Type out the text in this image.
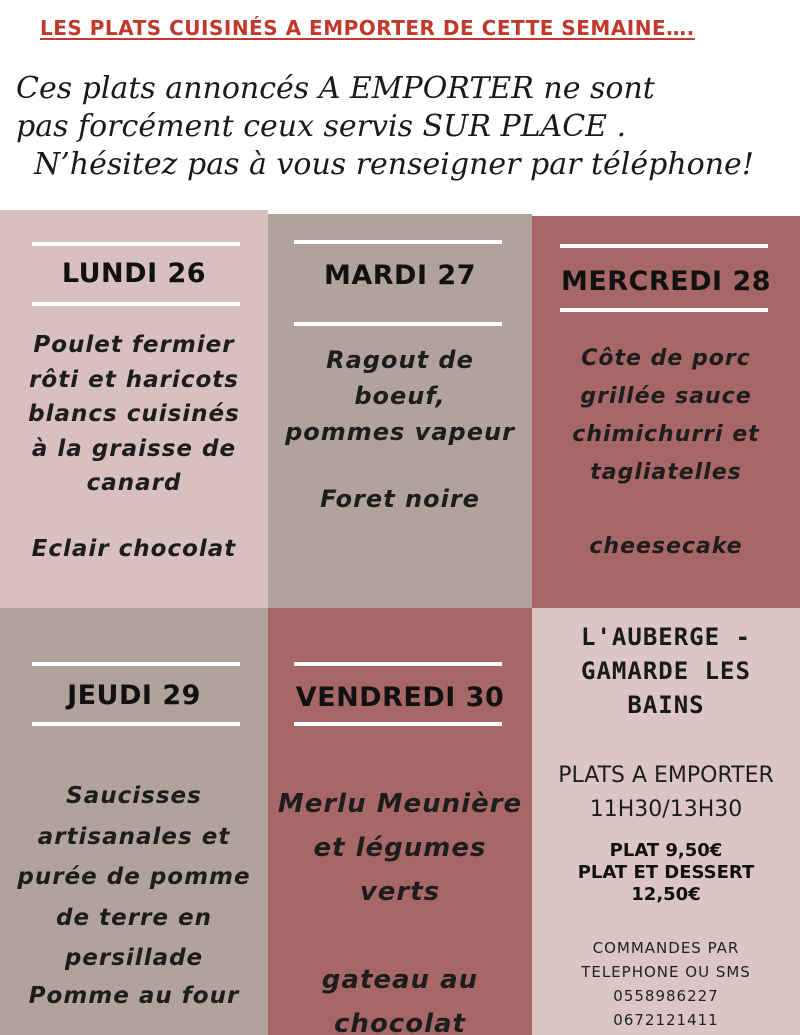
LES PLATS CUISINÉS A EMPORTER DE CETTE SEMAINE….
Ces plats annoncés A EMPORTER ne sont
pas forcément ceux servis SUR PLACE .
N’hésitez pas à vous renseigner par téléphone!
LUNDI 26
Poulet fermier
rôti et haricots
blancs cuisinés
à la graisse de
canard
Eclair chocolat
MARDI 27
Ragout de
boeuf,
pommes vapeur
Foret noire
MERCREDI 28
Côte de porc
grillée sauce
chimichurri et
tagliatelles
cheesecake
JEUDI 29
Saucisses
artisanales et
purée de pomme
de terre en
persillade
Pomme au four
VENDREDI 30
Merlu Meunière
et légumes
verts
gateau au
chocolat
L'AUBERGE -
GAMARDE LES
BAINS
PLATS A EMPORTER
11H30/13H30
PLAT 9,50€
PLAT ET DESSERT
12,50€
COMMANDES PAR
TELEPHONE OU SMS
0558986227
0672121411
